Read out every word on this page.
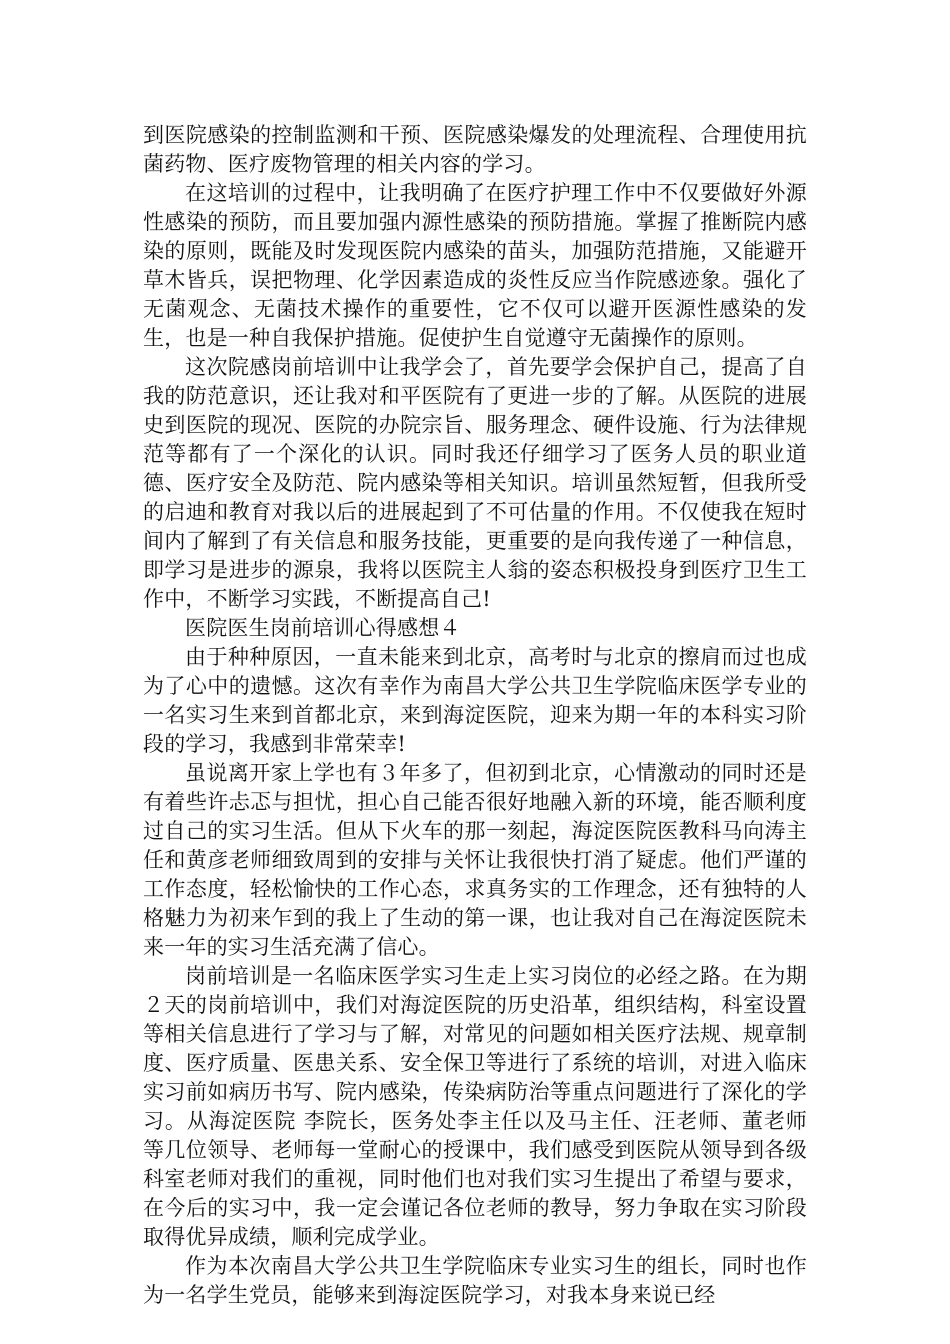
到医院感染的控制监测和干预、医院感染爆发的处理流程、合理使用抗菌药物、医疗废物管理的相关内容的学习。

在这培训的过程中，让我明确了在医疗护理工作中不仅要做好外源性感染的预防，而且要加强内源性感染的预防措施。掌握了推断院内感染的原则，既能及时发现医院内感染的苗头，加强防范措施，又能避开草木皆兵，误把物理、化学因素造成的炎性反应当作院感迹象。强化了无菌观念、无菌技术操作的重要性，它不仅可以避开医源性感染的发生，也是一种自我保护措施。促使护生自觉遵守无菌操作的原则。

这次院感岗前培训中让我学会了，首先要学会保护自己，提高了自我的防范意识，还让我对和平医院有了更进一步的了解。从医院的进展史到医院的现况、医院的办院宗旨、服务理念、硬件设施、行为法律规范等都有了一个深化的认识。同时我还仔细学习了医务人员的职业道德、医疗安全及防范、院内感染等相关知识。培训虽然短暂，但我所受的启迪和教育对我以后的进展起到了不可估量的作用。不仅使我在短时间内了解到了有关信息和服务技能，更重要的是向我传递了一种信息，即学习是进步的源泉，我将以医院主人翁的姿态积极投身到医疗卫生工作中，不断学习实践，不断提高自己!

医院医生岗前培训心得感想４

由于种种原因，一直未能来到北京，高考时与北京的擦肩而过也成为了心中的遗憾。这次有幸作为南昌大学公共卫生学院临床医学专业的一名实习生来到首都北京，来到海淀医院，迎来为期一年的本科实习阶段的学习，我感到非常荣幸!

虽说离开家上学也有３年多了，但初到北京，心情激动的同时还是有着些许忐忑与担忧，担心自己能否很好地融入新的环境，能否顺利度过自己的实习生活。但从下火车的那一刻起，海淀医院医教科马向涛主任和黄彦老师细致周到的安排与关怀让我很快打消了疑虑。他们严谨的工作态度，轻松愉快的工作心态，求真务实的工作理念，还有独特的人格魅力为初来乍到的我上了生动的第一课，也让我对自己在海淀医院未来一年的实习生活充满了信心。

岗前培训是一名临床医学实习生走上实习岗位的必经之路。在为期２天的岗前培训中，我们对海淀医院的历史沿革，组织结构，科室设置等相关信息进行了学习与了解，对常见的问题如相关医疗法规、规章制度、医疗质量、医患关系、安全保卫等进行了系统的培训，对进入临床实习前如病历书写、院内感染，传染病防治等重点问题进行了深化的学习。从海淀医院 李院长，医务处李主任以及马主任、汪老师、董老师等几位领导、老师每一堂耐心的授课中，我们感受到医院从领导到各级科室老师对我们的重视，同时他们也对我们实习生提出了希望与要求，在今后的实习中，我一定会谨记各位老师的教导，努力争取在实习阶段取得优异成绩，顺利完成学业。

作为本次南昌大学公共卫生学院临床专业实习生的组长，同时也作为一名学生党员，能够来到海淀医院学习，对我本身来说已经
